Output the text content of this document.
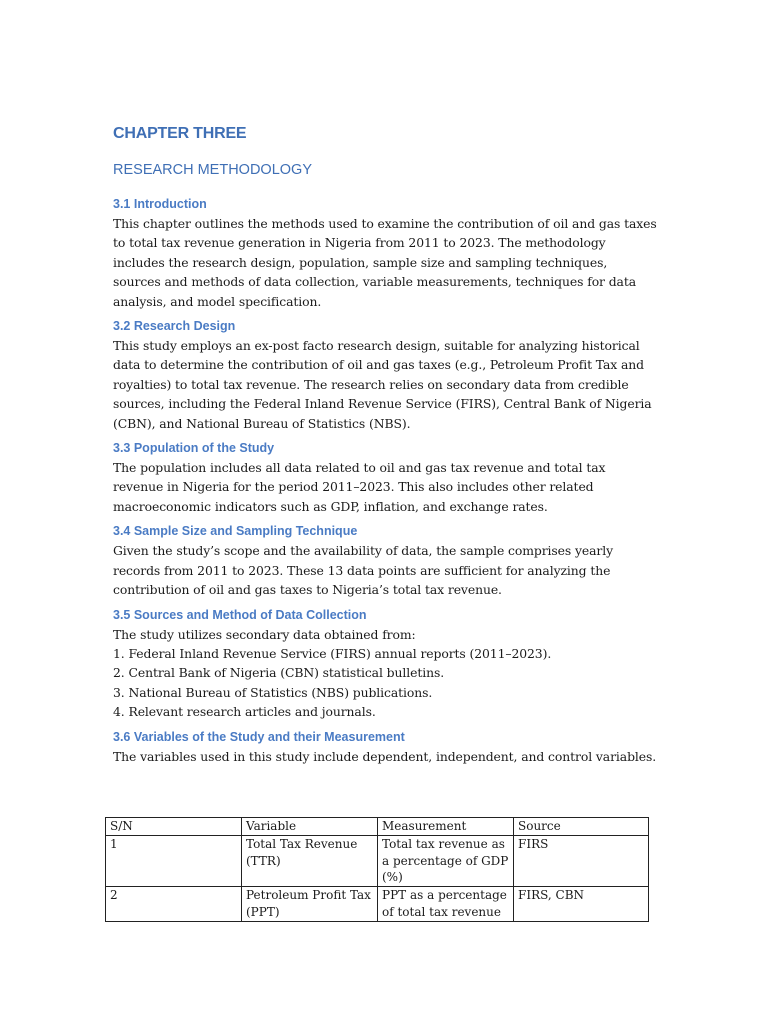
CHAPTER THREE
RESEARCH METHODOLOGY
3.1 Introduction

This chapter outlines the methods used to examine the contribution of oil and gas taxes to total tax revenue generation in Nigeria from 2011 to 2023. The methodology includes the research design, population, sample size and sampling techniques, sources and methods of data collection, variable measurements, techniques for data analysis, and model specification.

3.2 Research Design

This study employs an ex-post facto research design, suitable for analyzing historical data to determine the contribution of oil and gas taxes (e.g., Petroleum Profit Tax and royalties) to total tax revenue. The research relies on secondary data from credible sources, including the Federal Inland Revenue Service (FIRS), Central Bank of Nigeria (CBN), and National Bureau of Statistics (NBS).

3.3 Population of the Study

The population includes all data related to oil and gas tax revenue and total tax revenue in Nigeria for the period 2011–2023. This also includes other related macroeconomic indicators such as GDP, inflation, and exchange rates.

3.4 Sample Size and Sampling Technique

Given the study’s scope and the availability of data, the sample comprises yearly records from 2011 to 2023. These 13 data points are sufficient for analyzing the contribution of oil and gas taxes to Nigeria’s total tax revenue.

3.5 Sources and Method of Data Collection

The study utilizes secondary data obtained from:

1. Federal Inland Revenue Service (FIRS) annual reports (2011–2023).
2. Central Bank of Nigeria (CBN) statistical bulletins.
3. National Bureau of Statistics (NBS) publications.
4. Relevant research articles and journals.
3.6 Variables of the Study and their Measurement

The variables used in this study include dependent, independent, and control variables.

S/N	Variable	Measurement	Source
1	Total Tax Revenue (TTR)	Total tax revenue as a percentage of GDP (%)	FIRS
2	Petroleum Profit Tax (PPT)	PPT as a percentage of total tax revenue	FIRS, CBN
